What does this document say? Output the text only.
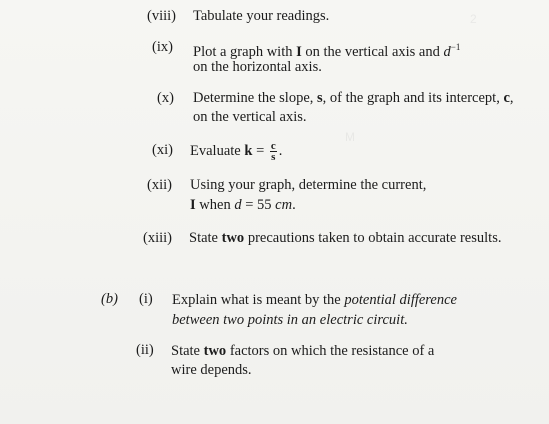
M
2
(viii) Tabulate your readings.
(ix) Plot a graph with I on the vertical axis and $d^{-1}$
on the horizontal axis.
(x) Determine the slope, s, of the graph and its intercept, c,
on the vertical axis.
(xi) Evaluate $k = \frac{c}{s}$ .
(xii) Using your graph, determine the current,
I when d = 55 cm.
(xiii) State two precautions taken to obtain accurate results.
(b) (i) Explain what is meant by the potential difference
between two points in an electric circuit.
(ii) State two factors on which the resistance of a
wire depends.
